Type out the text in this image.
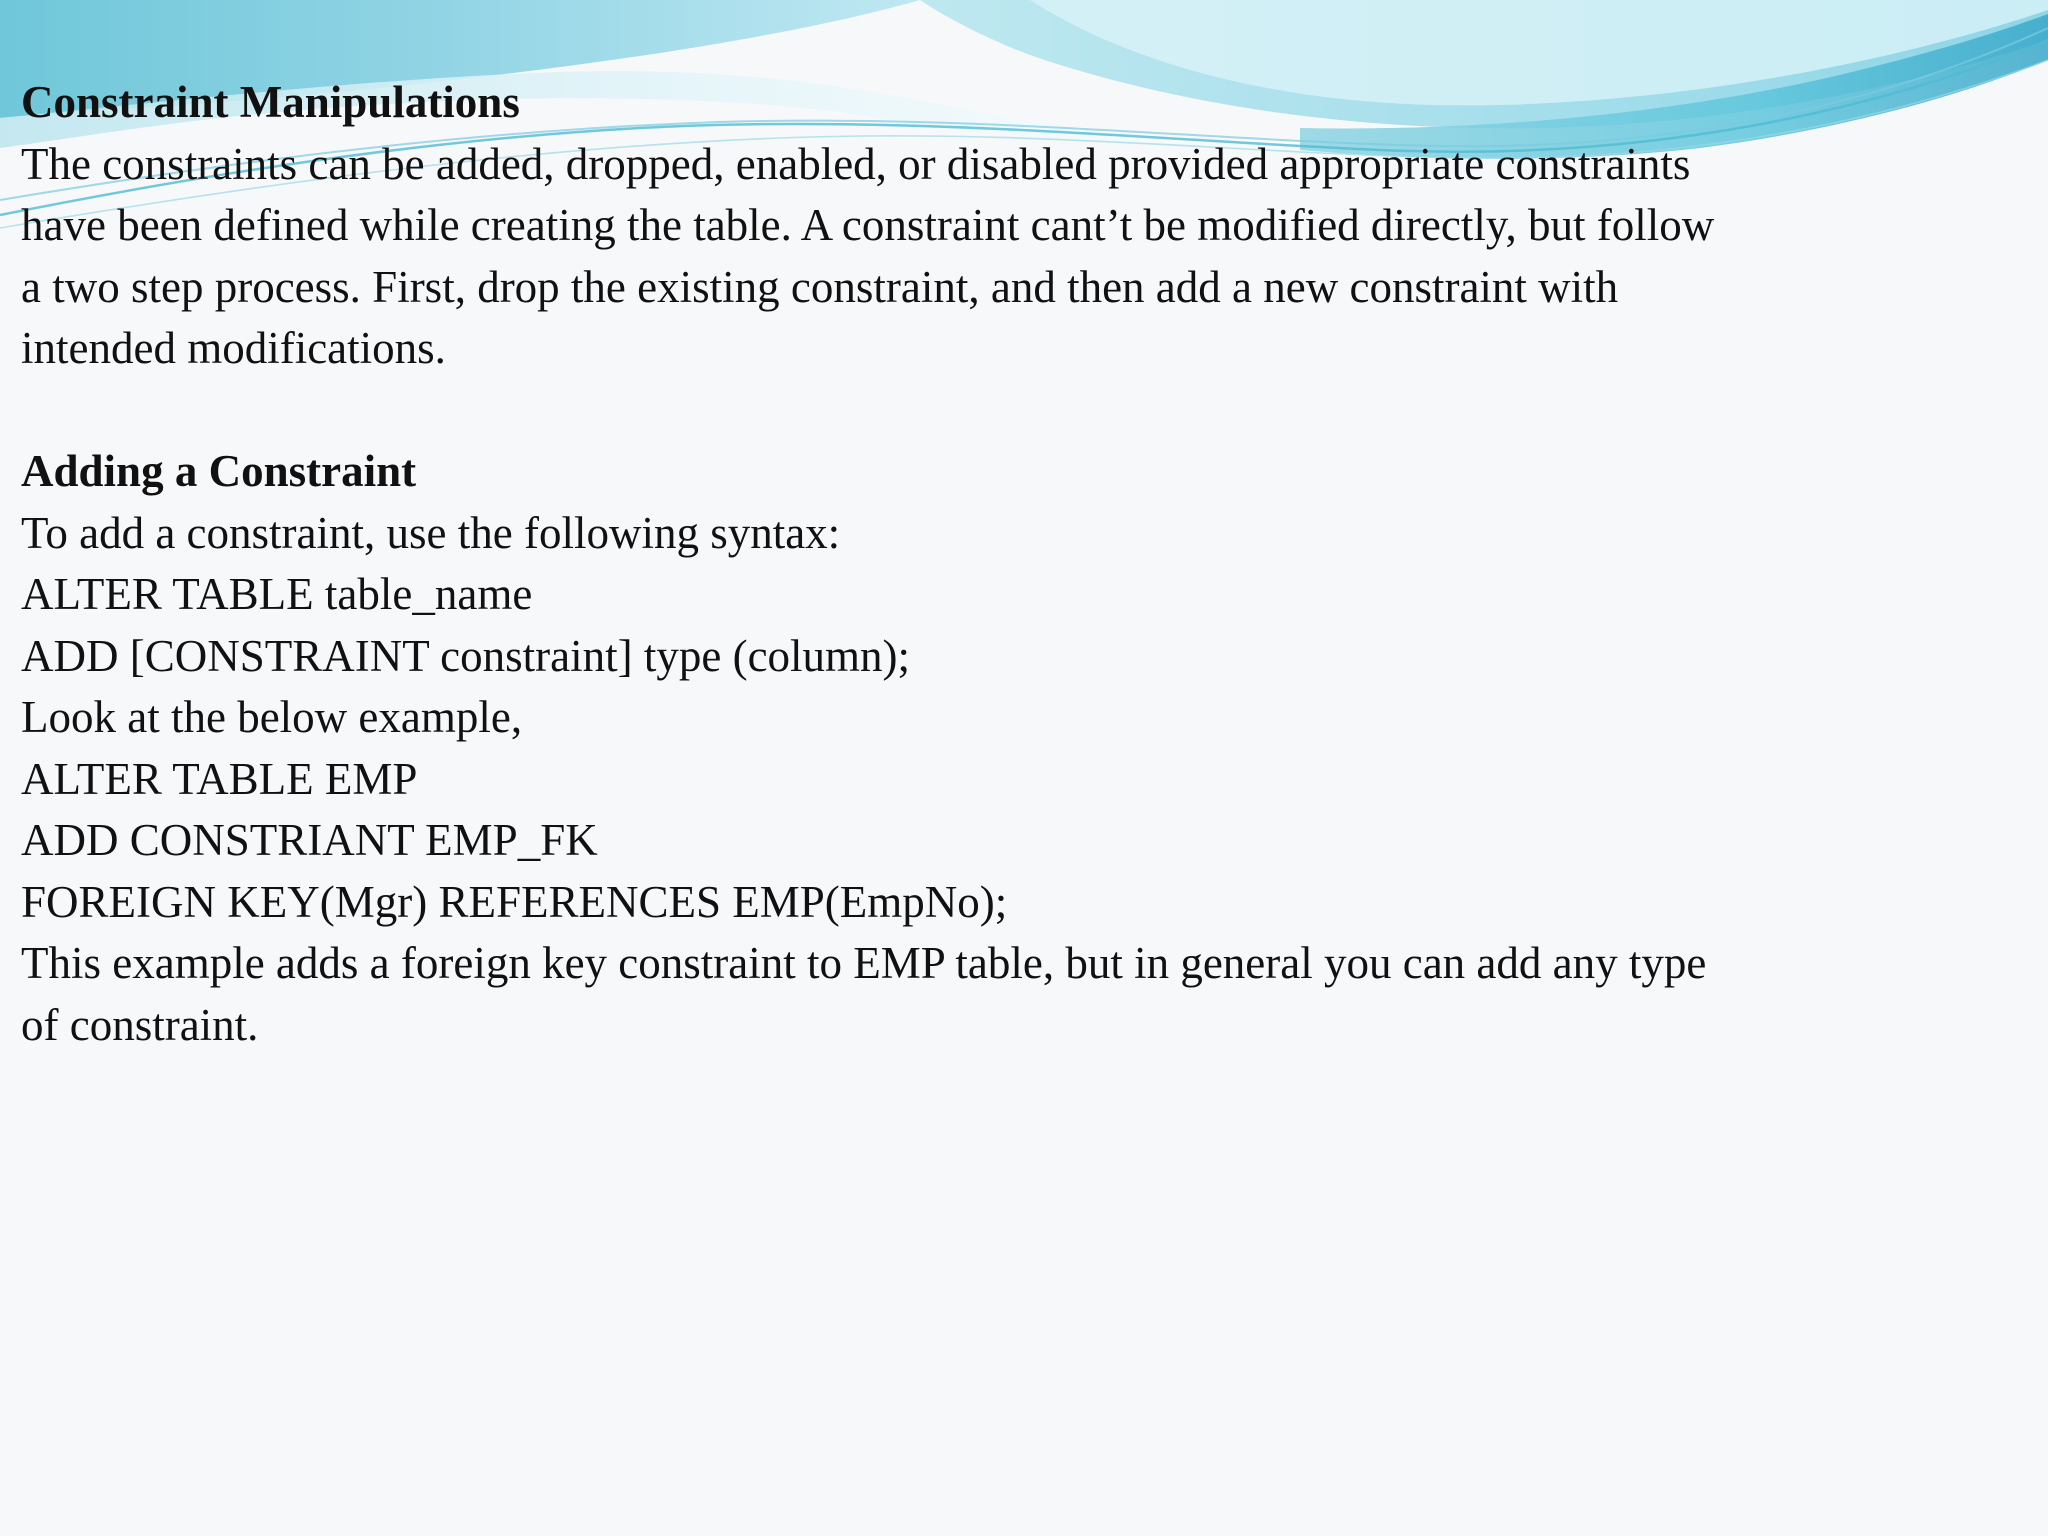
Constraint Manipulations

The constraints can be added, dropped, enabled, or disabled provided appropriate constraints

have been defined while creating the table. A constraint cant’t be modified directly, but follow

a two step process. First, drop the existing constraint, and then add a new constraint with

intended modifications.

Adding a Constraint

To add a constraint, use the following syntax:

ALTER TABLE table_name

ADD [CONSTRAINT constraint] type (column);

Look at the below example,

ALTER TABLE EMP

ADD CONSTRIANT EMP_FK

FOREIGN KEY(Mgr) REFERENCES EMP(EmpNo);

This example adds a foreign key constraint to EMP table, but in general you can add any type

of constraint.
